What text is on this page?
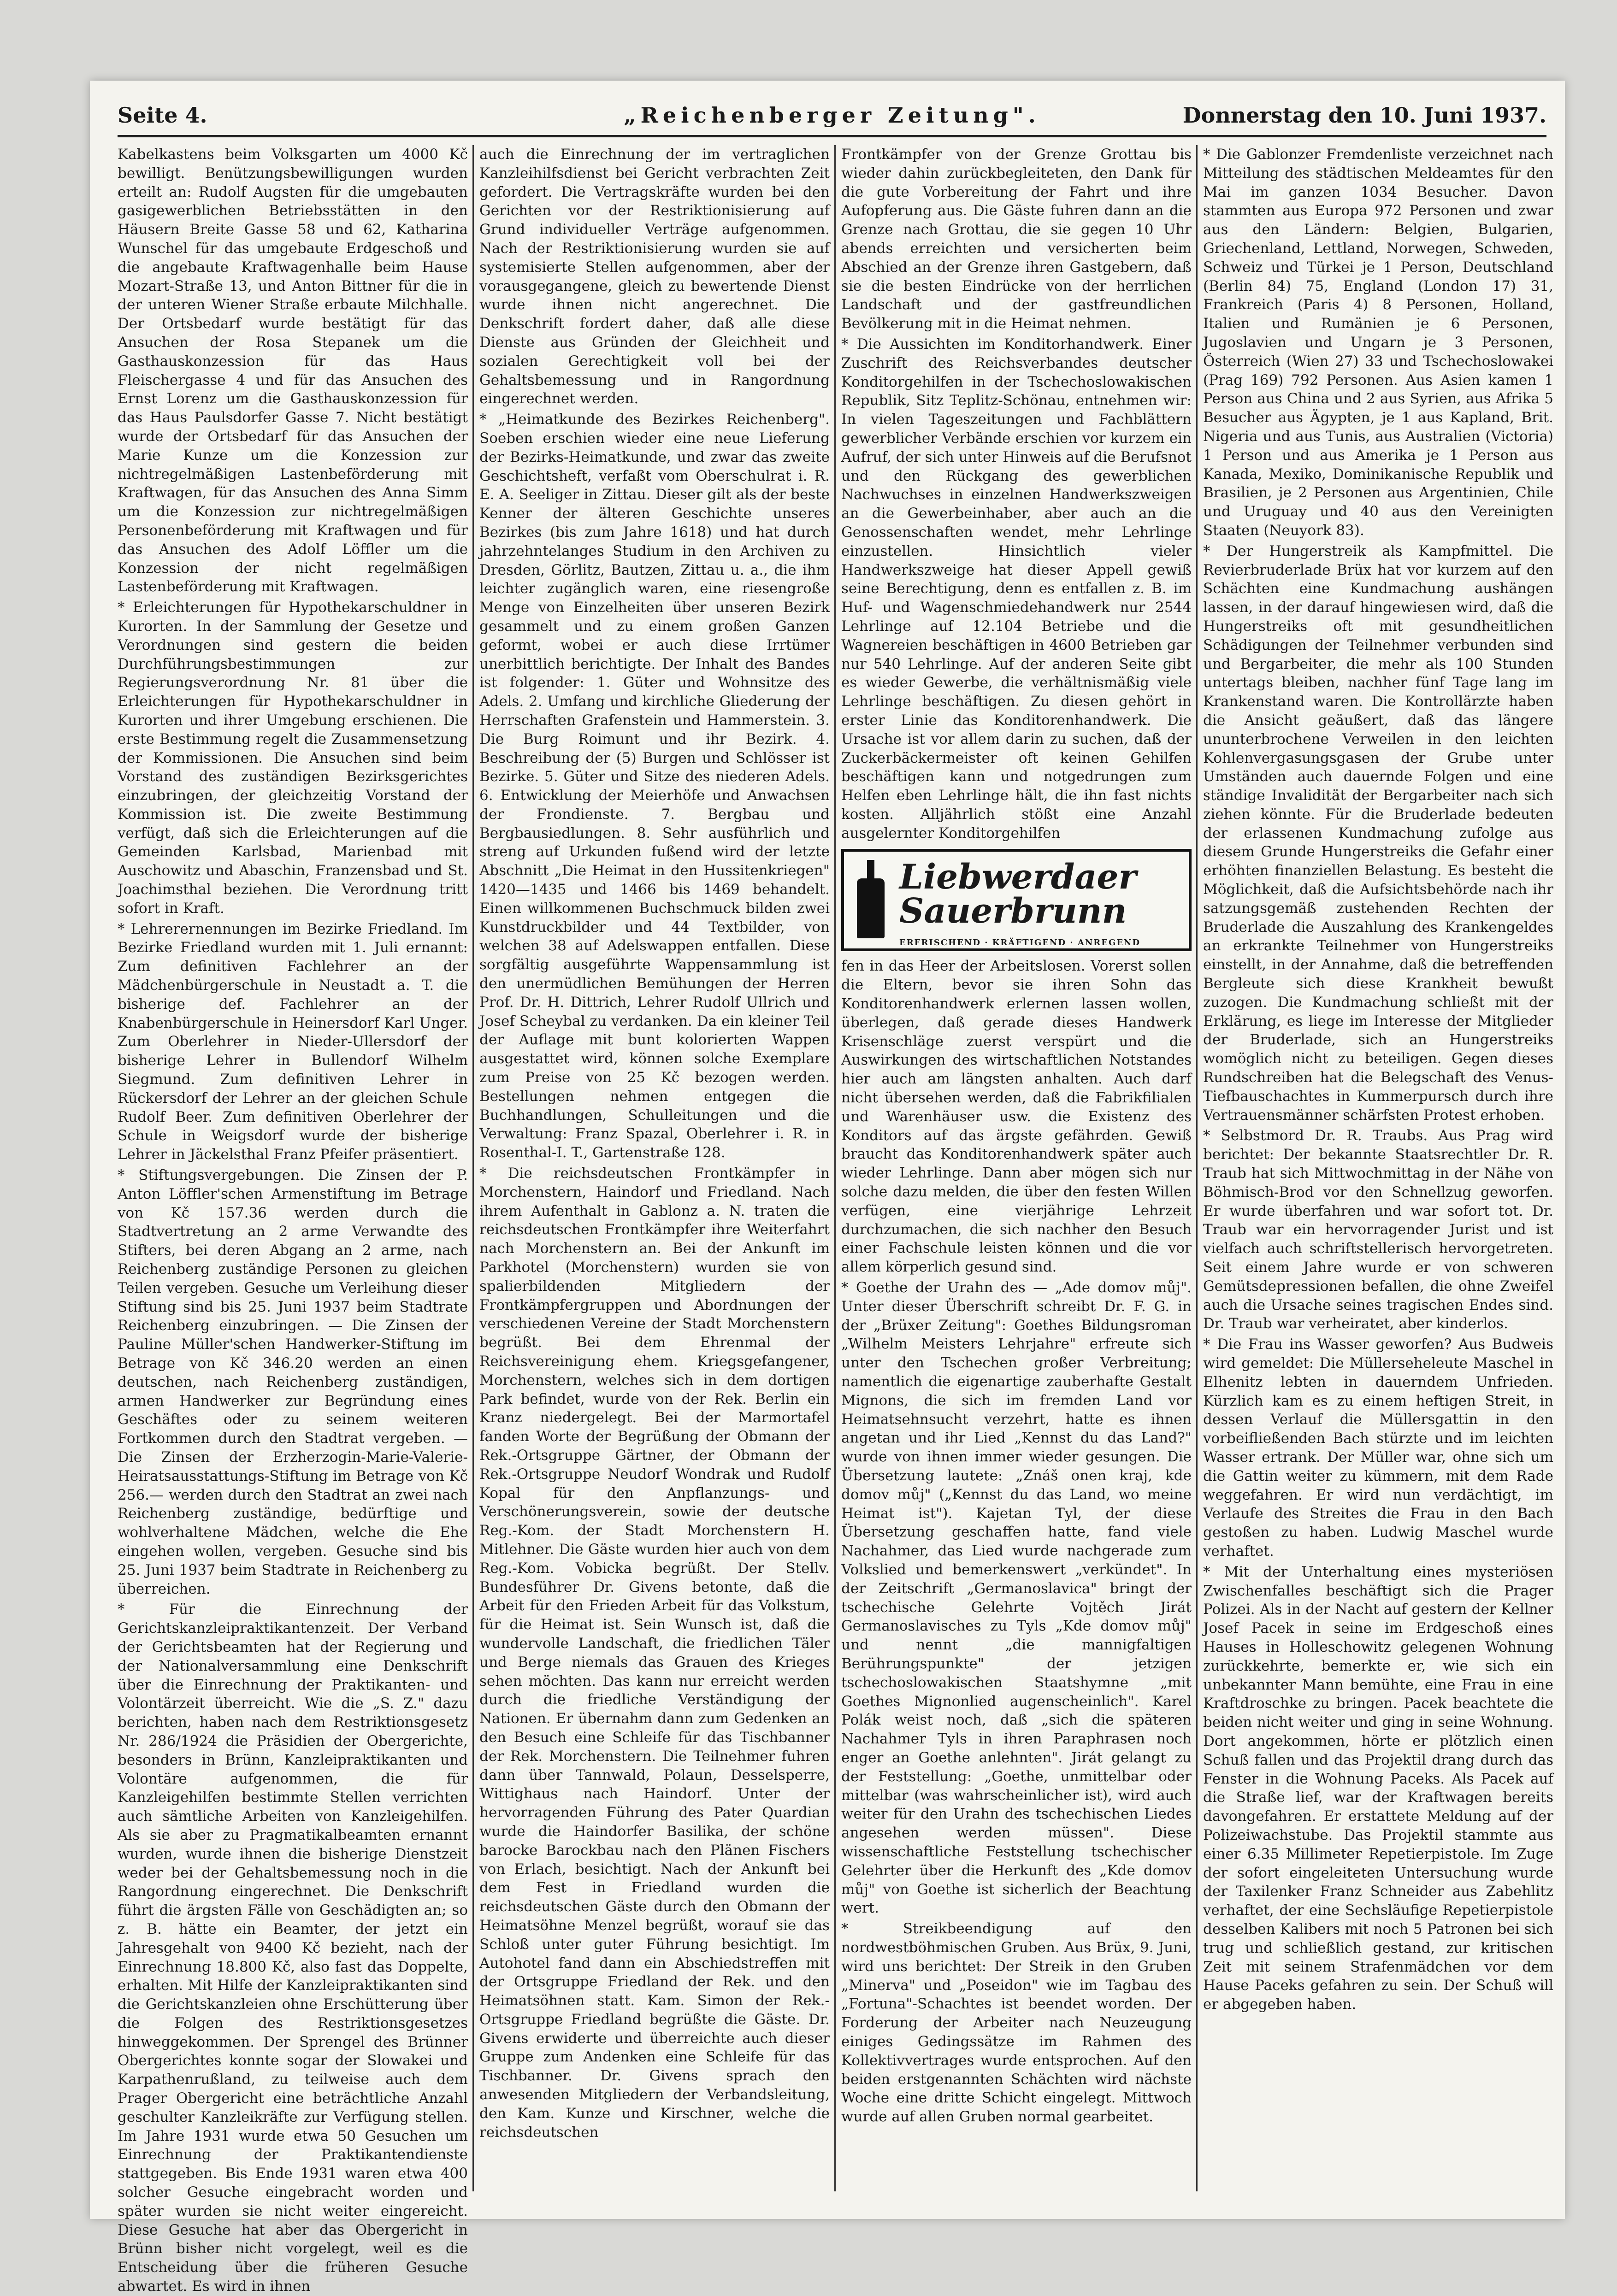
Seite 4.	„Reichenberger Zeitung".	Donnerstag den 10. Juni 1937.

Kabelkastens beim Volksgarten um 4000 Kč bewilligt. Benützungsbewilligungen wurden erteilt an: Rudolf Augsten für die umgebauten gasigewerblichen Betriebsstätten in den Häusern Breite Gasse 58 und 62, Katharina Wunschel für das umgebaute Erdgeschoß und die angebaute Kraftwagenhalle beim Hause Mozart-Straße 13, und Anton Bittner für die in der unteren Wiener Straße erbaute Milchhalle. Der Ortsbedarf wurde bestätigt für das Ansuchen der Rosa Stepanek um die Gasthauskonzession für das Haus Fleischergasse 4 und für das Ansuchen des Ernst Lorenz um die Gasthauskonzession für das Haus Paulsdorfer Gasse 7. Nicht bestätigt wurde der Ortsbedarf für das Ansuchen der Marie Kunze um die Konzession zur nichtregelmäßigen Lastenbeförderung mit Kraftwagen, für das Ansuchen des Anna Simm um die Konzession zur nichtregelmäßigen Personenbeförderung mit Kraftwagen und für das Ansuchen des Adolf Löffler um die Konzession der nicht regelmäßigen Lastenbeförderung mit Kraftwagen.

* Erleichterungen für Hypothekarschuldner in Kurorten. In der Sammlung der Gesetze und Verordnungen sind gestern die beiden Durchführungsbestimmungen zur Regierungsverordnung Nr. 81 über die Erleichterungen für Hypothekarschuldner in Kurorten und ihrer Umgebung erschienen. Die erste Bestimmung regelt die Zusammensetzung der Kommissionen. Die Ansuchen sind beim Vorstand des zuständigen Bezirksgerichtes einzubringen, der gleichzeitig Vorstand der Kommission ist. Die zweite Bestimmung verfügt, daß sich die Erleichterungen auf die Gemeinden Karlsbad, Marienbad mit Auschowitz und Abaschin, Franzensbad und St. Joachimsthal beziehen. Die Verordnung tritt sofort in Kraft.

* Lehrerernennungen im Bezirke Friedland. Im Bezirke Friedland wurden mit 1. Juli ernannt: Zum definitiven Fachlehrer an der Mädchenbürgerschule in Neustadt a. T. die bisherige def. Fachlehrer an der Knabenbürgerschule in Heinersdorf Karl Unger. Zum Oberlehrer in Nieder-Ullersdorf der bisherige Lehrer in Bullendorf Wilhelm Siegmund. Zum definitiven Lehrer in Rückersdorf der Lehrer an der gleichen Schule Rudolf Beer. Zum definitiven Oberlehrer der Schule in Weigsdorf wurde der bisherige Lehrer in Jäckelsthal Franz Pfeifer präsentiert.

* Stiftungsvergebungen. Die Zinsen der P. Anton Löffler'schen Armenstiftung im Betrage von Kč 157.36 werden durch die Stadtvertretung an 2 arme Verwandte des Stifters, bei deren Abgang an 2 arme, nach Reichenberg zuständige Personen zu gleichen Teilen vergeben. Gesuche um Verleihung dieser Stiftung sind bis 25. Juni 1937 beim Stadtrate Reichenberg einzubringen. — Die Zinsen der Pauline Müller'schen Handwerker-Stiftung im Betrage von Kč 346.20 werden an einen deutschen, nach Reichenberg zuständigen, armen Handwerker zur Begründung eines Geschäftes oder zu seinem weiteren Fortkommen durch den Stadtrat vergeben. — Die Zinsen der Erzherzogin-Marie-Valerie-Heiratsausstattungs-Stiftung im Betrage von Kč 256.— werden durch den Stadtrat an zwei nach Reichenberg zuständige, bedürftige und wohlverhaltene Mädchen, welche die Ehe eingehen wollen, vergeben. Gesuche sind bis 25. Juni 1937 beim Stadtrate in Reichenberg zu überreichen.

* Für die Einrechnung der Gerichtskanzleipraktikantenzeit. Der Verband der Gerichtsbeamten hat der Regierung und der Nationalversammlung eine Denkschrift über die Einrechnung der Praktikanten- und Volontärzeit überreicht. Wie die „S. Z." dazu berichten, haben nach dem Restriktionsgesetz Nr. 286/1924 die Präsidien der Obergerichte, besonders in Brünn, Kanzleipraktikanten und Volontäre aufgenommen, die für Kanzleigehilfen bestimmte Stellen verrichten auch sämtliche Arbeiten von Kanzleigehilfen. Als sie aber zu Pragmatikalbeamten ernannt wurden, wurde ihnen die bisherige Dienstzeit weder bei der Gehaltsbemessung noch in die Rangordnung eingerechnet. Die Denkschrift führt die ärgsten Fälle von Geschädigten an; so z. B. hätte ein Beamter, der jetzt ein Jahresgehalt von 9400 Kč bezieht, nach der Einrechnung 18.800 Kč, also fast das Doppelte, erhalten. Mit Hilfe der Kanzleipraktikanten sind die Gerichtskanzleien ohne Erschütterung über die Folgen des Restriktionsgesetzes hinweggekommen. Der Sprengel des Brünner Obergerichtes konnte sogar der Slowakei und Karpathenrußland, zu teilweise auch dem Prager Obergericht eine beträchtliche Anzahl geschulter Kanzleikräfte zur Verfügung stellen. Im Jahre 1931 wurde etwa 50 Gesuchen um Einrechnung der Praktikantendienste stattgegeben. Bis Ende 1931 waren etwa 400 solcher Gesuche eingebracht worden und später wurden sie nicht weiter eingereicht. Diese Gesuche hat aber das Obergericht in Brünn bisher nicht vorgelegt, weil es die Entscheidung über die früheren Gesuche abwartet. Es wird in ihnen

auch die Einrechnung der im vertraglichen Kanzleihilfsdienst bei Gericht verbrachten Zeit gefordert. Die Vertragskräfte wurden bei den Gerichten vor der Restriktionisierung auf Grund individueller Verträge aufgenommen. Nach der Restriktionisierung wurden sie auf systemisierte Stellen aufgenommen, aber der vorausgegangene, gleich zu bewertende Dienst wurde ihnen nicht angerechnet. Die Denkschrift fordert daher, daß alle diese Dienste aus Gründen der Gleichheit und sozialen Gerechtigkeit voll bei der Gehaltsbemessung und in Rangordnung eingerechnet werden.

* „Heimatkunde des Bezirkes Reichenberg". Soeben erschien wieder eine neue Lieferung der Bezirks-Heimatkunde, und zwar das zweite Geschichtsheft, verfaßt vom Oberschulrat i. R. E. A. Seeliger in Zittau. Dieser gilt als der beste Kenner der älteren Geschichte unseres Bezirkes (bis zum Jahre 1618) und hat durch jahrzehntelanges Studium in den Archiven zu Dresden, Görlitz, Bautzen, Zittau u. a., die ihm leichter zugänglich waren, eine riesengroße Menge von Einzelheiten über unseren Bezirk gesammelt und zu einem großen Ganzen geformt, wobei er auch diese Irrtümer unerbittlich berichtigte. Der Inhalt des Bandes ist folgender: 1. Güter und Wohnsitze des Adels. 2. Umfang und kirchliche Gliederung der Herrschaften Grafenstein und Hammerstein. 3. Die Burg Roimunt und ihr Bezirk. 4. Beschreibung der (5) Burgen und Schlösser ist Bezirke. 5. Güter und Sitze des niederen Adels. 6. Entwicklung der Meierhöfe und Anwachsen der Frondienste. 7. Bergbau und Bergbausiedlungen. 8. Sehr ausführlich und streng auf Urkunden fußend wird der letzte Abschnitt „Die Heimat in den Hussitenkriegen" 1420—1435 und 1466 bis 1469 behandelt. Einen willkommenen Buchschmuck bilden zwei Kunstdruckbilder und 44 Textbilder, von welchen 38 auf Adelswappen entfallen. Diese sorgfältig ausgeführte Wappensammlung ist den unermüdlichen Bemühungen der Herren Prof. Dr. H. Dittrich, Lehrer Rudolf Ullrich und Josef Scheybal zu verdanken. Da ein kleiner Teil der Auflage mit bunt kolorierten Wappen ausgestattet wird, können solche Exemplare zum Preise von 25 Kč bezogen werden. Bestellungen nehmen entgegen die Buchhandlungen, Schulleitungen und die Verwaltung: Franz Spazal, Oberlehrer i. R. in Rosenthal-I. T., Gartenstraße 128.

* Die reichsdeutschen Frontkämpfer in Morchenstern, Haindorf und Friedland. Nach ihrem Aufenthalt in Gablonz a. N. traten die reichsdeutschen Frontkämpfer ihre Weiterfahrt nach Morchenstern an. Bei der Ankunft im Parkhotel (Morchenstern) wurden sie von spalierbildenden Mitgliedern der Frontkämpfergruppen und Abordnungen der verschiedenen Vereine der Stadt Morchenstern begrüßt. Bei dem Ehrenmal der Reichsvereinigung ehem. Kriegsgefangener, Morchenstern, welches sich in dem dortigen Park befindet, wurde von der Rek. Berlin ein Kranz niedergelegt. Bei der Marmortafel fanden Worte der Begrüßung der Obmann der Rek.-Ortsgruppe Gärtner, der Obmann der Rek.-Ortsgruppe Neudorf Wondrak und Rudolf Kopal für den Anpflanzungs- und Verschönerungsverein, sowie der deutsche Reg.-Kom. der Stadt Morchenstern H. Mitlehner. Die Gäste wurden hier auch von dem Reg.-Kom. Vobicka begrüßt. Der Stellv. Bundesführer Dr. Givens betonte, daß die Arbeit für den Frieden Arbeit für das Volkstum, für die Heimat ist. Sein Wunsch ist, daß die wundervolle Landschaft, die friedlichen Täler und Berge niemals das Grauen des Krieges sehen möchten. Das kann nur erreicht werden durch die friedliche Verständigung der Nationen. Er übernahm dann zum Gedenken an den Besuch eine Schleife für das Tischbanner der Rek. Morchenstern. Die Teilnehmer fuhren dann über Tannwald, Polaun, Desselsperre, Wittighaus nach Haindorf. Unter der hervorragenden Führung des Pater Quardian wurde die Haindorfer Basilika, der schöne barocke Barockbau nach den Plänen Fischers von Erlach, besichtigt. Nach der Ankunft bei dem Fest in Friedland wurden die reichsdeutschen Gäste durch den Obmann der Heimatsöhne Menzel begrüßt, worauf sie das Schloß unter guter Führung besichtigt. Im Autohotel fand dann ein Abschiedstreffen mit der Ortsgruppe Friedland der Rek. und den Heimatsöhnen statt. Kam. Simon der Rek.-Ortsgruppe Friedland begrüßte die Gäste. Dr. Givens erwiderte und überreichte auch dieser Gruppe zum Andenken eine Schleife für das Tischbanner. Dr. Givens sprach den anwesenden Mitgliedern der Verbandsleitung, den Kam. Kunze und Kirschner, welche die reichsdeutschen

Frontkämpfer von der Grenze Grottau bis wieder dahin zurückbegleiteten, den Dank für die gute Vorbereitung der Fahrt und ihre Aufopferung aus. Die Gäste fuhren dann an die Grenze nach Grottau, die sie gegen 10 Uhr abends erreichten und versicherten beim Abschied an der Grenze ihren Gastgebern, daß sie die besten Eindrücke von der herrlichen Landschaft und der gastfreundlichen Bevölkerung mit in die Heimat nehmen.

* Die Aussichten im Konditorhandwerk. Einer Zuschrift des Reichsverbandes deutscher Konditorgehilfen in der Tschechoslowakischen Republik, Sitz Teplitz-Schönau, entnehmen wir: In vielen Tageszeitungen und Fachblättern gewerblicher Verbände erschien vor kurzem ein Aufruf, der sich unter Hinweis auf die Berufsnot und den Rückgang des gewerblichen Nachwuchses in einzelnen Handwerkszweigen an die Gewerbeinhaber, aber auch an die Genossenschaften wendet, mehr Lehrlinge einzustellen. Hinsichtlich vieler Handwerkszweige hat dieser Appell gewiß seine Berechtigung, denn es entfallen z. B. im Huf- und Wagenschmiedehandwerk nur 2544 Lehrlinge auf 12.104 Betriebe und die Wagnereien beschäftigen in 4600 Betrieben gar nur 540 Lehrlinge. Auf der anderen Seite gibt es wieder Gewerbe, die verhältnismäßig viele Lehrlinge beschäftigen. Zu diesen gehört in erster Linie das Konditorenhandwerk. Die Ursache ist vor allem darin zu suchen, daß der Zuckerbäckermeister oft keinen Gehilfen beschäftigen kann und notgedrungen zum Helfen eben Lehrlinge hält, die ihn fast nichts kosten. Alljährlich stößt eine Anzahl ausgelernter Konditorgehilfen

Liebwerdaer
Sauerbrunn
ERFRISCHEND · KRÄFTIGEND · ANREGEND

fen in das Heer der Arbeitslosen. Vorerst sollen die Eltern, bevor sie ihren Sohn das Konditorenhandwerk erlernen lassen wollen, überlegen, daß gerade dieses Handwerk Krisenschläge zuerst verspürt und die Auswirkungen des wirtschaftlichen Notstandes hier auch am längsten anhalten. Auch darf nicht übersehen werden, daß die Fabrikfilialen und Warenhäuser usw. die Existenz des Konditors auf das ärgste gefährden. Gewiß braucht das Konditorenhandwerk später auch wieder Lehrlinge. Dann aber mögen sich nur solche dazu melden, die über den festen Willen verfügen, eine vierjährige Lehrzeit durchzumachen, die sich nachher den Besuch einer Fachschule leisten können und die vor allem körperlich gesund sind.

* Goethe der Urahn des — „Ade domov můj". Unter dieser Überschrift schreibt Dr. F. G. in der „Brüxer Zeitung": Goethes Bildungsroman „Wilhelm Meisters Lehrjahre" erfreute sich unter den Tschechen großer Verbreitung; namentlich die eigenartige zauberhafte Gestalt Mignons, die sich im fremden Land vor Heimatsehnsucht verzehrt, hatte es ihnen angetan und ihr Lied „Kennst du das Land?" wurde von ihnen immer wieder gesungen. Die Übersetzung lautete: „Znáš onen kraj, kde domov můj" („Kennst du das Land, wo meine Heimat ist"). Kajetan Tyl, der diese Übersetzung geschaffen hatte, fand viele Nachahmer, das Lied wurde nachgerade zum Volkslied und bemerkenswert „verkündet". In der Zeitschrift „Germanoslavica" bringt der tschechische Gelehrte Vojtěch Jirát Germanoslavisches zu Tyls „Kde domov můj" und nennt „die mannigfaltigen Berührungspunkte" der jetzigen tschechoslowakischen Staatshymne „mit Goethes Mignonlied augenscheinlich". Karel Polák weist noch, daß „sich die späteren Nachahmer Tyls in ihren Paraphrasen noch enger an Goethe anlehnten". Jirát gelangt zu der Feststellung: „Goethe, unmittelbar oder mittelbar (was wahrscheinlicher ist), wird auch weiter für den Urahn des tschechischen Liedes angesehen werden müssen". Diese wissenschaftliche Feststellung tschechischer Gelehrter über die Herkunft des „Kde domov můj" von Goethe ist sicherlich der Beachtung wert.

* Streikbeendigung auf den nordwestböhmischen Gruben. Aus Brüx, 9. Juni, wird uns berichtet: Der Streik in den Gruben „Minerva" und „Poseidon" wie im Tagbau des „Fortuna"-Schachtes ist beendet worden. Der Forderung der Arbeiter nach Neuzeugung einiges Gedingssätze im Rahmen des Kollektivvertrages wurde entsprochen. Auf den beiden erstgenannten Schächten wird nächste Woche eine dritte Schicht eingelegt. Mittwoch wurde auf allen Gruben normal gearbeitet.

* Die Gablonzer Fremdenliste verzeichnet nach Mitteilung des städtischen Meldeamtes für den Mai im ganzen 1034 Besucher. Davon stammten aus Europa 972 Personen und zwar aus den Ländern: Belgien, Bulgarien, Griechenland, Lettland, Norwegen, Schweden, Schweiz und Türkei je 1 Person, Deutschland (Berlin 84) 75, England (London 17) 31, Frankreich (Paris 4) 8 Personen, Holland, Italien und Rumänien je 6 Personen, Jugoslavien und Ungarn je 3 Personen, Österreich (Wien 27) 33 und Tschechoslowakei (Prag 169) 792 Personen. Aus Asien kamen 1 Person aus China und 2 aus Syrien, aus Afrika 5 Besucher aus Ägypten, je 1 aus Kapland, Brit. Nigeria und aus Tunis, aus Australien (Victoria) 1 Person und aus Amerika je 1 Person aus Kanada, Mexiko, Dominikanische Republik und Brasilien, je 2 Personen aus Argentinien, Chile und Uruguay und 40 aus den Vereinigten Staaten (Neuyork 83).

* Der Hungerstreik als Kampfmittel. Die Revierbruderlade Brüx hat vor kurzem auf den Schächten eine Kundmachung aushängen lassen, in der darauf hingewiesen wird, daß die Hungerstreiks oft mit gesundheitlichen Schädigungen der Teilnehmer verbunden sind und Bergarbeiter, die mehr als 100 Stunden untertags bleiben, nachher fünf Tage lang im Krankenstand waren. Die Kontrollärzte haben die Ansicht geäußert, daß das längere ununterbrochene Verweilen in den leichten Kohlenvergasungsgasen der Grube unter Umständen auch dauernde Folgen und eine ständige Invalidität der Bergarbeiter nach sich ziehen könnte. Für die Bruderlade bedeuten der erlassenen Kundmachung zufolge aus diesem Grunde Hungerstreiks die Gefahr einer erhöhten finanziellen Belastung. Es besteht die Möglichkeit, daß die Aufsichtsbehörde nach ihr satzungsgemäß zustehenden Rechten der Bruderlade die Auszahlung des Krankengeldes an erkrankte Teilnehmer von Hungerstreiks einstellt, in der Annahme, daß die betreffenden Bergleute sich diese Krankheit bewußt zuzogen. Die Kundmachung schließt mit der Erklärung, es liege im Interesse der Mitglieder der Bruderlade, sich an Hungerstreiks womöglich nicht zu beteiligen. Gegen dieses Rundschreiben hat die Belegschaft des Venus-Tiefbauschachtes in Kummerpursch durch ihre Vertrauensmänner schärfsten Protest erhoben.

* Selbstmord Dr. R. Traubs. Aus Prag wird berichtet: Der bekannte Staatsrechtler Dr. R. Traub hat sich Mittwochmittag in der Nähe von Böhmisch-Brod vor den Schnellzug geworfen. Er wurde überfahren und war sofort tot. Dr. Traub war ein hervorragender Jurist und ist vielfach auch schriftstellerisch hervorgetreten. Seit einem Jahre wurde er von schweren Gemütsdepressionen befallen, die ohne Zweifel auch die Ursache seines tragischen Endes sind. Dr. Traub war verheiratet, aber kinderlos.

* Die Frau ins Wasser geworfen? Aus Budweis wird gemeldet: Die Müllerseheleute Maschel in Elhenitz lebten in dauerndem Unfrieden. Kürzlich kam es zu einem heftigen Streit, in dessen Verlauf die Müllersgattin in den vorbeifließenden Bach stürzte und im leichten Wasser ertrank. Der Müller war, ohne sich um die Gattin weiter zu kümmern, mit dem Rade weggefahren. Er wird nun verdächtigt, im Verlaufe des Streites die Frau in den Bach gestoßen zu haben. Ludwig Maschel wurde verhaftet.

* Mit der Unterhaltung eines mysteriösen Zwischenfalles beschäftigt sich die Prager Polizei. Als in der Nacht auf gestern der Kellner Josef Pacek in seine im Erdgeschoß eines Hauses in Holleschowitz gelegenen Wohnung zurückkehrte, bemerkte er, wie sich ein unbekannter Mann bemühte, eine Frau in eine Kraftdroschke zu bringen. Pacek beachtete die beiden nicht weiter und ging in seine Wohnung. Dort angekommen, hörte er plötzlich einen Schuß fallen und das Projektil drang durch das Fenster in die Wohnung Paceks. Als Pacek auf die Straße lief, war der Kraftwagen bereits davongefahren. Er erstattete Meldung auf der Polizeiwachstube. Das Projektil stammte aus einer 6.35 Millimeter Repetierpistole. Im Zuge der sofort eingeleiteten Untersuchung wurde der Taxilenker Franz Schneider aus Zabehlitz verhaftet, der eine Sechsläufige Repetierpistole desselben Kalibers mit noch 5 Patronen bei sich trug und schließlich gestand, zur kritischen Zeit mit seinem Strafenmädchen vor dem Hause Paceks gefahren zu sein. Der Schuß will er abgegeben haben.
